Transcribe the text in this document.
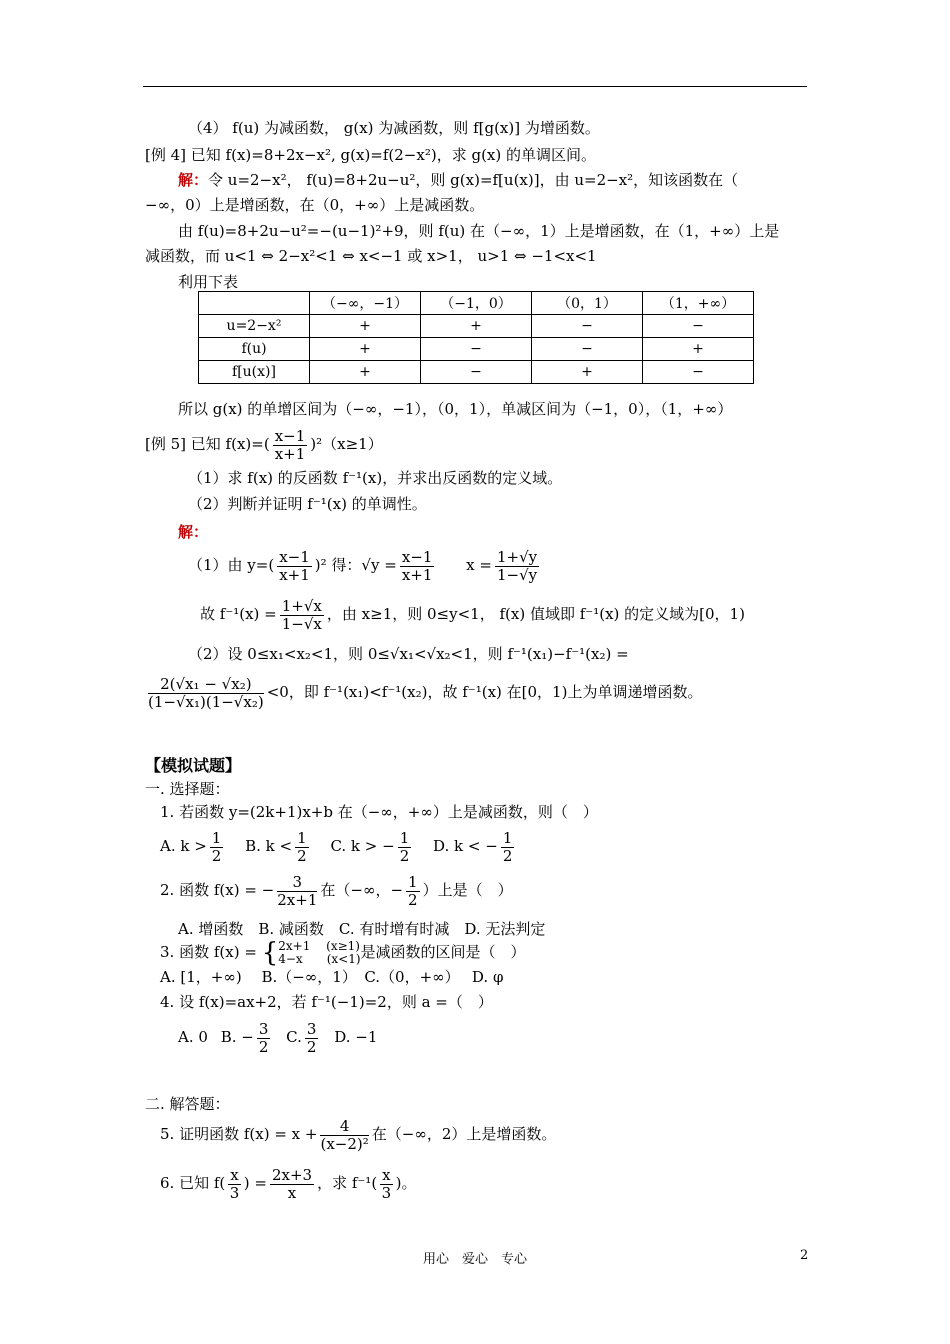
（4） f(u) 为减函数， g(x) 为减函数，则 f[g(x)] 为增函数。
[例 4] 已知 f(x)=8+2x−x², g(x)=f(2−x²)，求 g(x) 的单调区间。
解：令 u=2−x²， f(u)=8+2u−u²，则 g(x)=f[u(x)]，由 u=2−x²，知该函数在（
−∞，0）上是增函数，在（0，+∞）上是减函数。
由 f(u)=8+2u−u²=−(u−1)²+9，则 f(u) 在（−∞，1）上是增函数，在（1，+∞）上是
减函数，而 u<1 ⇔ 2−x²<1 ⇔ x<−1 或 x>1， u>1 ⇔ −1<x<1
利用下表
	（−∞，−1）	（−1，0）	（0，1）	（1，+∞）
u=2−x²	+	+	−	−
f(u)	+	−	−	+
f[u(x)]	+	−	+	−
所以 g(x) 的单增区间为（−∞，−1），（0，1），单减区间为（−1，0），（1，+∞）
[例 5] 已知 $f(x)=( \frac{x-1}{x+1} )^2(x\ge 1)$
（1）求 f(x) 的反函数 f⁻¹(x)，并求出反函数的定义域。
（2）判断并证明 f⁻¹(x) 的单调性。
解：
（1）由 $y=( \frac{x-1}{x+1} )^2$ 得：$√y = \frac{x-1}{x+1}$ $x = \frac{1+√y}{1-√y}$
故 $f^{-1}(x) = \frac{1+√x}{1-√x}$ ，由 x≥1，则 0≤y<1， f(x) 值域即 f⁻¹(x) 的定义域为[0，1)
（2）设 0≤x₁<x₂<1，则 0≤√x₁<√x₂<1，则 f⁻¹(x₁)−f⁻¹(x₂) =
$\frac{\text{2(√x₁ − √x₂)}}{\text{(1−√x₁)(1−√x₂)}} <0$，即 f⁻¹(x₁)<f⁻¹(x₂)，故 f⁻¹(x) 在[0，1)上为单调递增函数。
【模拟试题】
一. 选择题：
1. 若函数 y=(2k+1)x+b 在（−∞，+∞）上是减函数，则（　）
A. $k > \frac{1}{2} B$. $k < \frac{1}{2} C$. k > − $\frac{1}{2} D$. k < − $\frac{1}{2}$
2. 函数 f(x) = − $\frac{3}{2x+1}$ 在（−∞，− $\frac{1}{2}$ ）上是（　）
A. 增函数　B. 减函数　C. 有时增有时减　D. 无法判定
3. 函数 f(x) = { 2x+1　 (x≥1)
4−x　　(x<1) 是减函数的区间是（　）
A. [1，+∞)　 B.（−∞，1）　C.（0，+∞）　 D. φ
4. 设 f(x)=ax+2，若 f⁻¹(−1)=2，则 a =（　）
A. 0 B. − $\frac{3}{2} C$. $\frac{3}{2} D$. −1
二. 解答题：
5. 证明函数 $f(x) = x + \frac{4}{\text{(x−2)²}}$ 在（−∞，2）上是增函数。
6. 已知 $f( \frac{x}{3}$ ) = $\frac{2x+3}{x}$ ，求 $f^{-1}( \frac{x}{3}$ )。
用心　爱心　专心	2
